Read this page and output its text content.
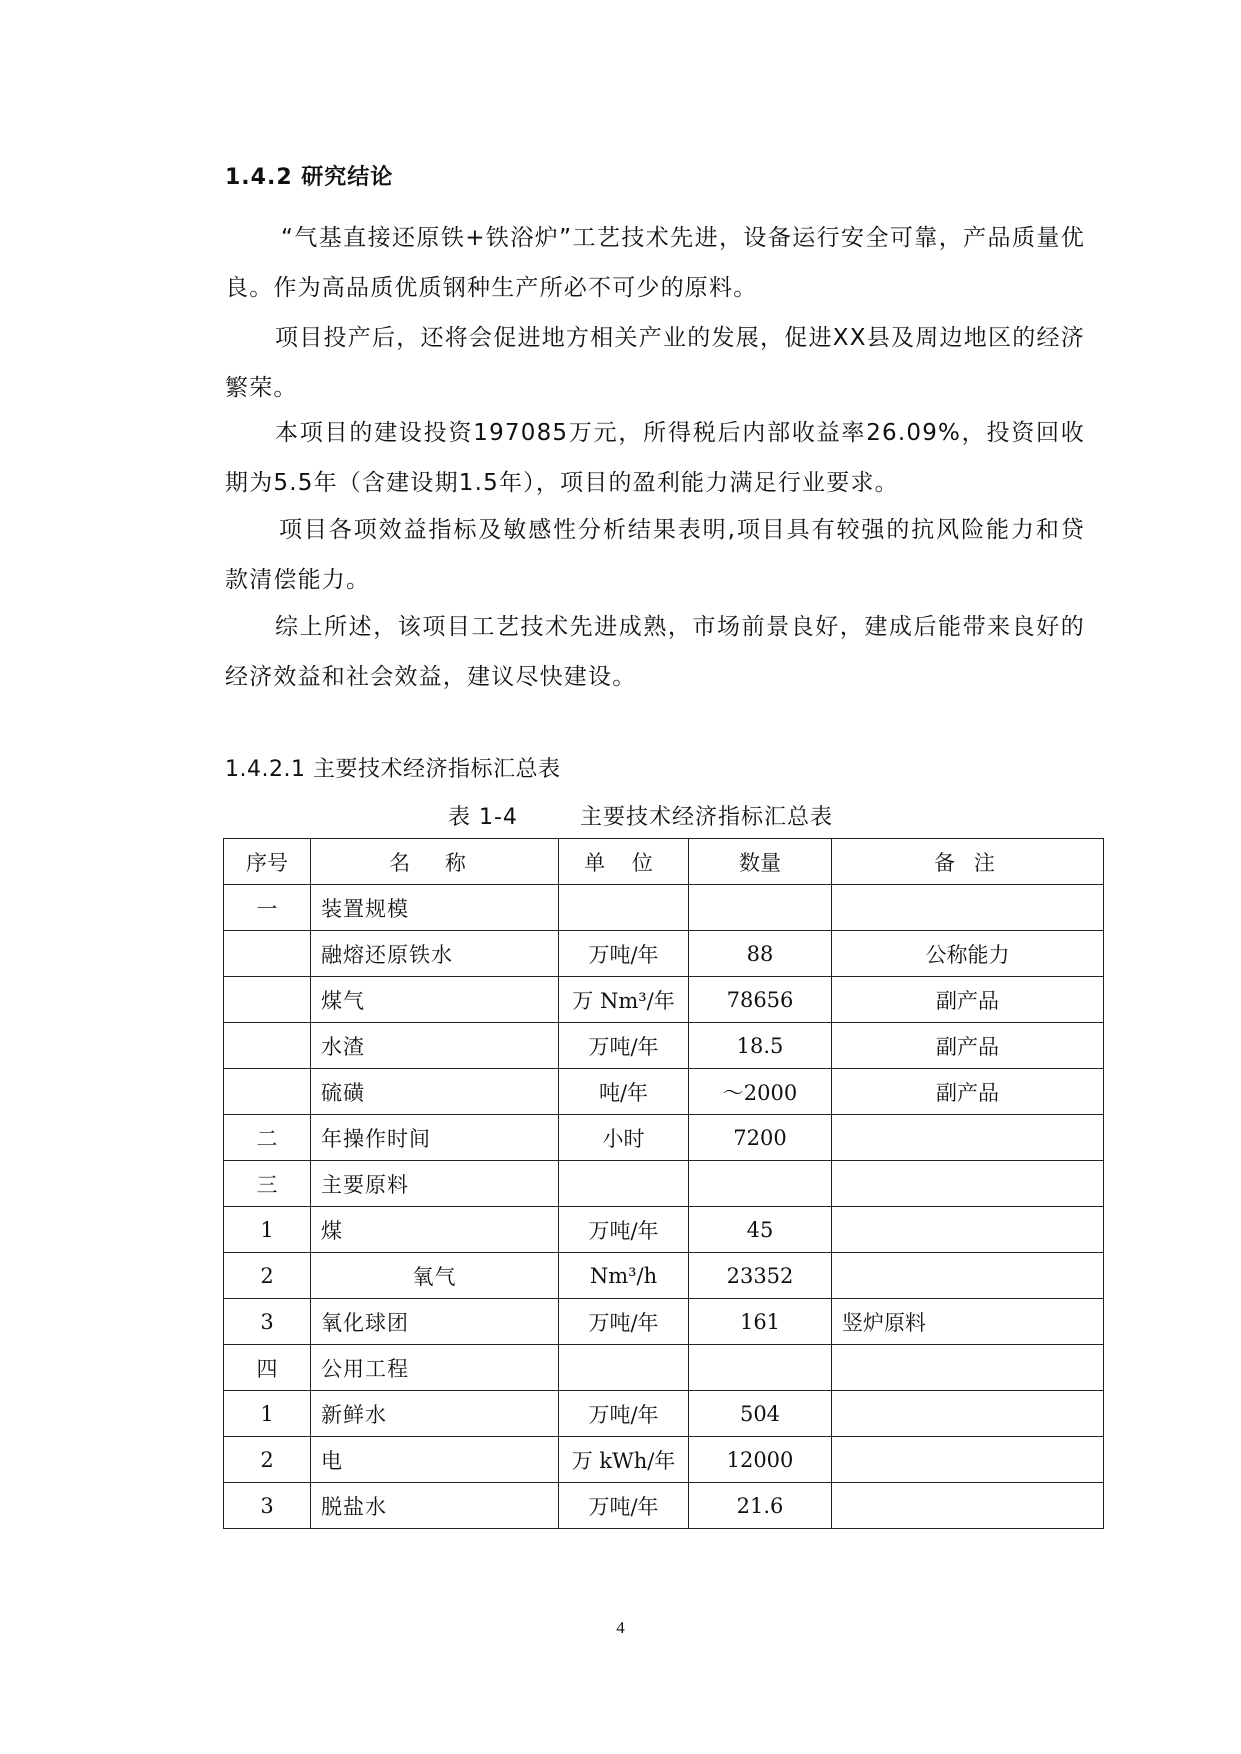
1.4.2 研究结论
“气基直接还原铁+铁浴炉”工艺技术先进，设备运行安全可靠，产品质量优良。作为高品质优质钢种生产所必不可少的原料。
项目投产后，还将会促进地方相关产业的发展，促进XX县及周边地区的经济繁荣。
本项目的建设投资197085万元，所得税后内部收益率26.09%，投资回收期为5.5年（含建设期1.5年），项目的盈利能力满足行业要求。
项目各项效益指标及敏感性分析结果表明,项目具有较强的抗风险能力和贷款清偿能力。
综上所述，该项目工艺技术先进成熟，市场前景良好，建成后能带来良好的经济效益和社会效益，建议尽快建设。
1.4.2.1 主要技术经济指标汇总表
表 1-4	主要技术经济指标汇总表
序号	名 称	单 位	数量	备 注
一	装置规模			
	融熔还原铁水	万吨/年	88	公称能力
	煤气	万 Nm³/年	78656	副产品
	水渣	万吨/年	18.5	副产品
	硫磺	吨/年	～2000	副产品
二	年操作时间	小时	7200	
三	主要原料			
1	煤	万吨/年	45	
2	氧气	Nm³/h	23352	
3	氧化球团	万吨/年	161	竖炉原料
四	公用工程			
1	新鲜水	万吨/年	504	
2	电	万 kWh/年	12000	
3	脱盐水	万吨/年	21.6	
4
